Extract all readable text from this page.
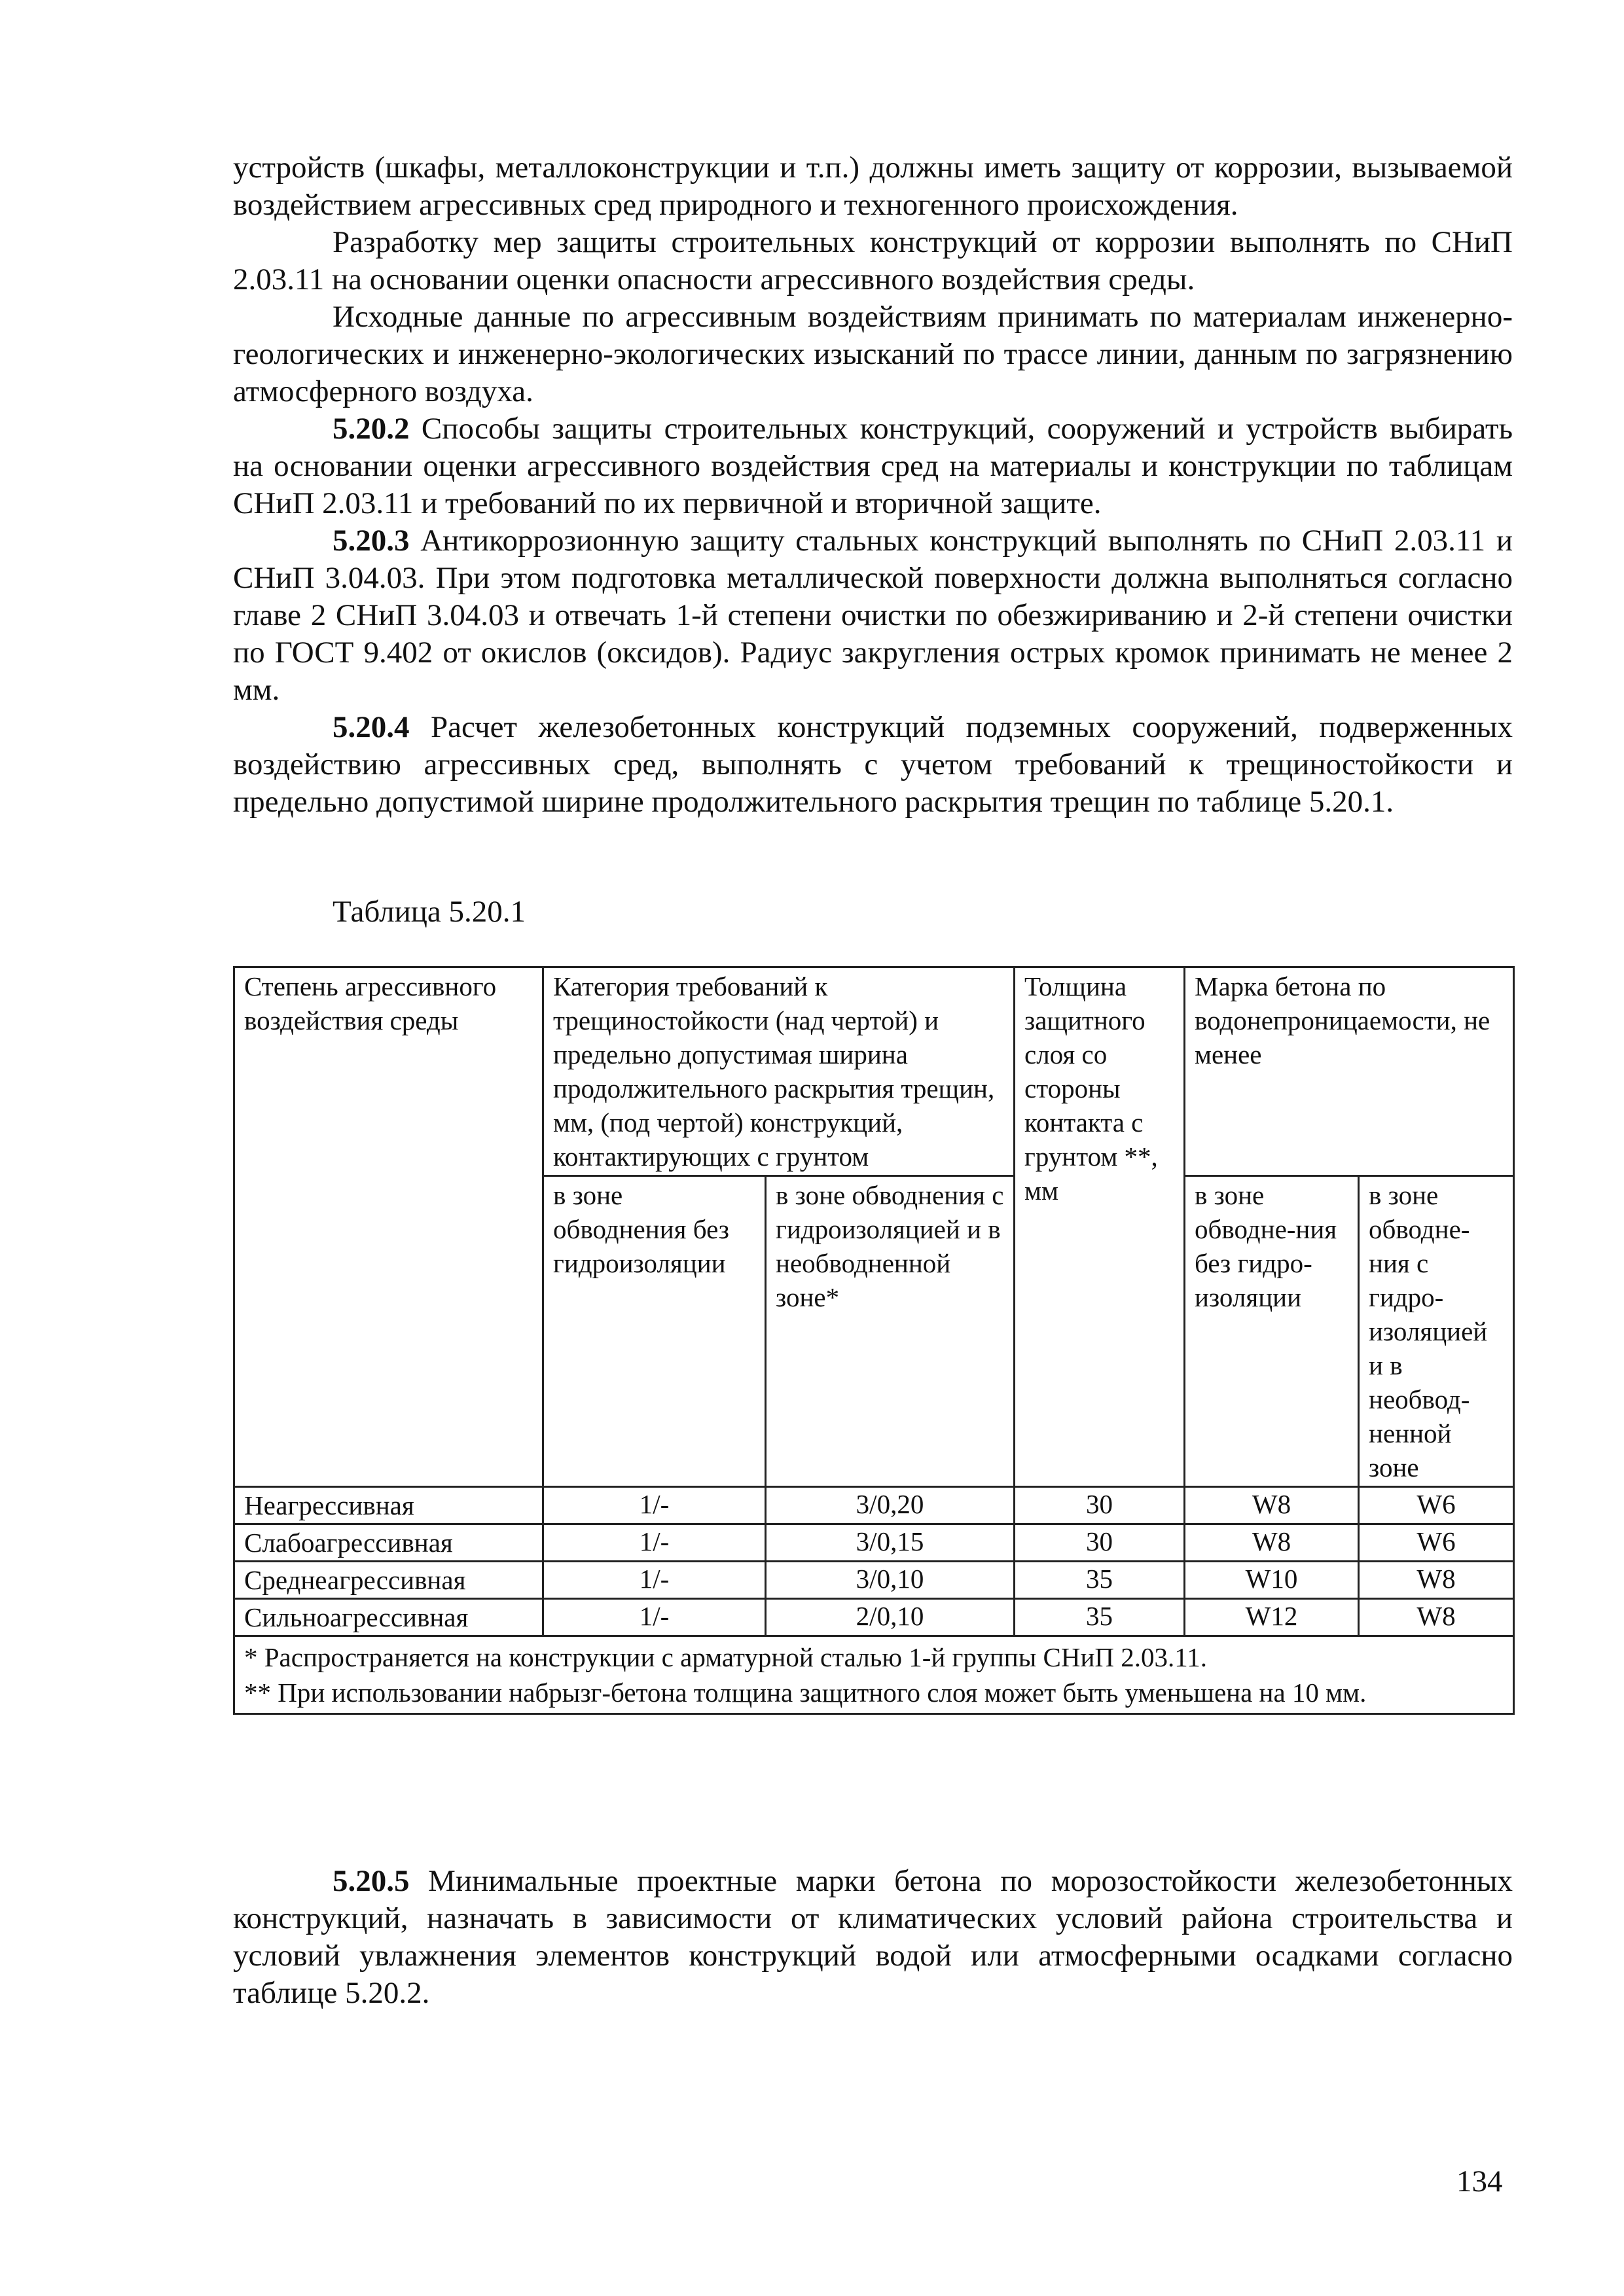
устройств (шкафы, металлоконструкции и т.п.) должны иметь защиту от коррозии, вызываемой воздействием агрессивных сред природного и техногенного происхождения.

Разработку мер защиты строительных конструкций от коррозии выполнять по СНиП 2.03.11 на основании оценки опасности агрессивного воздействия среды.

Исходные данные по агрессивным воздействиям принимать по материалам инженерно-геологических и инженерно-экологических изысканий по трассе линии, данным по загрязнению атмосферного воздуха.

5.20.2 Способы защиты строительных конструкций, сооружений и устройств выбирать на основании оценки агрессивного воздействия сред на материалы и конструкции по таблицам СНиП 2.03.11 и требований по их первичной и вторичной защите.

5.20.3 Антикоррозионную защиту стальных конструкций выполнять по СНиП 2.03.11 и СНиП 3.04.03. При этом подготовка металлической поверхности должна выполняться согласно главе 2 СНиП 3.04.03 и отвечать 1-й степени очистки по обезжириванию и 2-й степени очистки по ГОСТ 9.402 от окислов (оксидов). Радиус закругления острых кромок принимать не менее 2 мм.

5.20.4 Расчет железобетонных конструкций подземных сооружений, подверженных воздействию агрессивных сред, выполнять с учетом требований к трещиностойкости и предельно допустимой ширине продолжительного раскрытия трещин по таблице 5.20.1.

Таблица 5.20.1
Степень агрессивного воздействия среды	Категория требований к трещиностойкости (над чертой) и предельно допустимая ширина продолжительного раскрытия трещин, мм, (под чертой) конструкций, контактирующих с грунтом		Толщина защитного слоя со стороны контакта с грунтом **, мм	Марка бетона по водонепроницаемости, не менее	
	в зоне обводнения без гидроизоляции	в зоне обводнения с гидроизоляцией и в необводненной зоне*		в зоне обводне-ния без гидро-изоляции	в зоне обводне-ния с гидро-изоляцией и в необвод-ненной зоне

Неагрессивная	1/-	3/0,20	30	W8	W6
Слабоагрессивная	1/-	3/0,15	30	W8	W6
Среднеагрессивная	1/-	3/0,10	35	W10	W8
Сильноагрессивная	1/-	2/0,10	35	W12	W8

* Распространяется на конструкции с арматурной сталью 1-й группы СНиП 2.03.11.
** При использовании набрызг-бетона толщина защитного слоя может быть уменьшена на 10 мм.					

5.20.5 Минимальные проектные марки бетона по морозостойкости железобетонных конструкций, назначать в зависимости от климатических условий района строительства и условий увлажнения элементов конструкций водой или атмосферными осадками согласно таблице 5.20.2.

134
